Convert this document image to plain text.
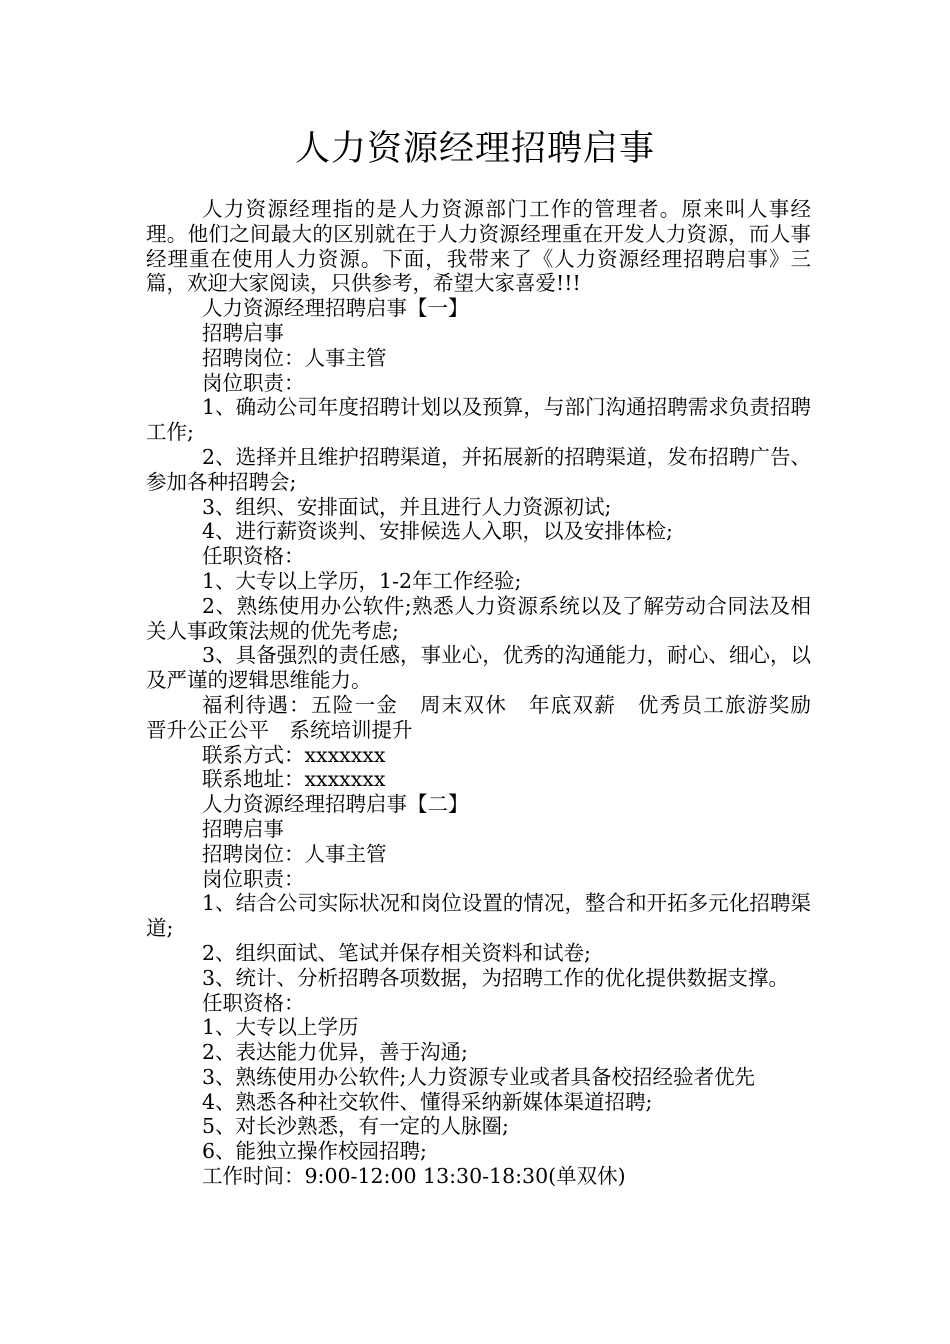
人力资源经理招聘启事

人力资源经理指的是人力资源部门工作的管理者。原来叫人事经理。他们之间最大的区别就在于人力资源经理重在开发人力资源，而人事经理重在使用人力资源。下面，我带来了《人力资源经理招聘启事》三篇，欢迎大家阅读，只供参考，希望大家喜爱!!!

人力资源经理招聘启事【一】

招聘启事

招聘岗位：人事主管

岗位职责：

1、确动公司年度招聘计划以及预算，与部门沟通招聘需求负责招聘工作;

2、选择并且维护招聘渠道，并拓展新的招聘渠道，发布招聘广告、参加各种招聘会;

3、组织、安排面试，并且进行人力资源初试;

4、进行薪资谈判、安排候选人入职，以及安排体检;

任职资格：

1、大专以上学历，1-2年工作经验;

2、熟练使用办公软件;熟悉人力资源系统以及了解劳动合同法及相关人事政策法规的优先考虑;

3、具备强烈的责任感，事业心，优秀的沟通能力，耐心、细心，以及严谨的逻辑思维能力。

福利待遇：五险一金　周末双休　年底双薪　优秀员工旅游奖励　晋升公正公平　系统培训提升

联系方式：xxxxxxx

联系地址：xxxxxxx

人力资源经理招聘启事【二】

招聘启事

招聘岗位：人事主管

岗位职责：

1、结合公司实际状况和岗位设置的情况，整合和开拓多元化招聘渠道;

2、组织面试、笔试并保存相关资料和试卷;

3、统计、分析招聘各项数据，为招聘工作的优化提供数据支撑。

任职资格：

1、大专以上学历

2、表达能力优异，善于沟通;

3、熟练使用办公软件;人力资源专业或者具备校招经验者优先

4、熟悉各种社交软件、懂得采纳新媒体渠道招聘;

5、对长沙熟悉，有一定的人脉圈;

6、能独立操作校园招聘;

工作时间：9:00-12:00 13:30-18:30(单双休)
